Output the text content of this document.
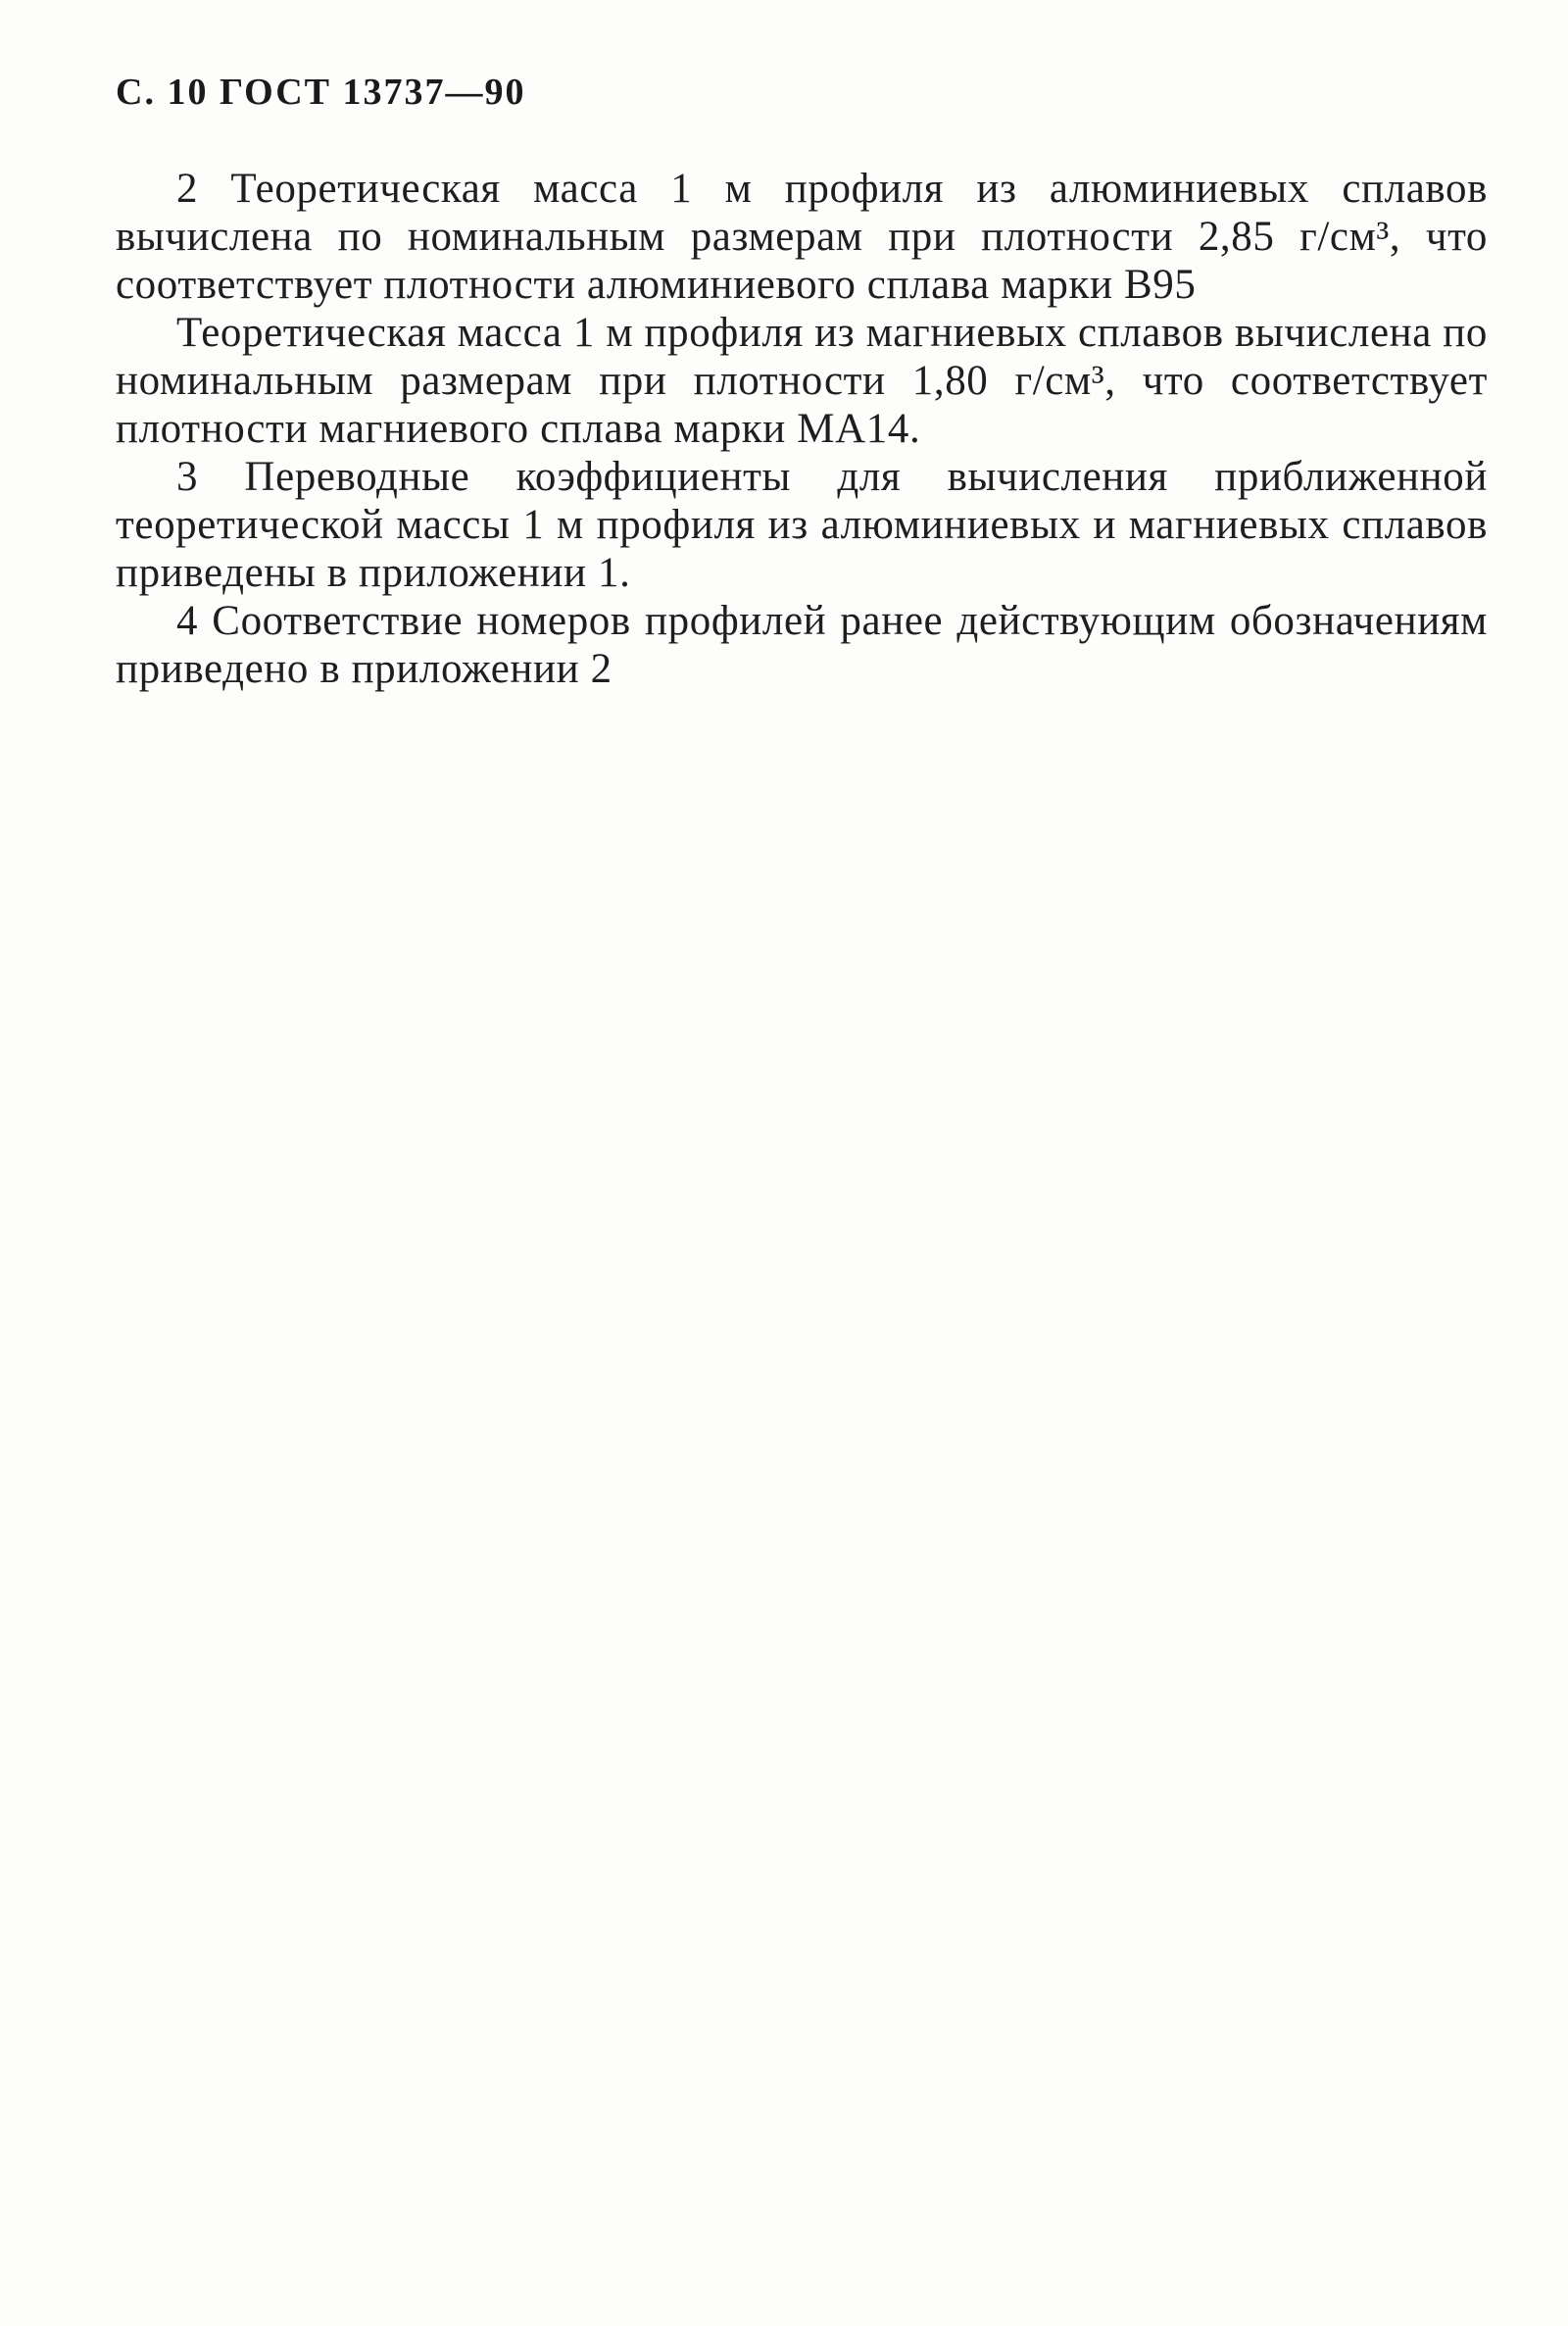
С. 10 ГОСТ 13737—90

2 Теоретическая масса 1 м профиля из алюминиевых сплавов вычислена по номинальным размерам при плотности 2,85 г/см³, что соответствует плотности алюминиевого сплава марки В95

Теоретическая масса 1 м профиля из магниевых сплавов вычислена по номинальным размерам при плотности 1,80 г/см³, что соответствует плотности магниевого сплава марки МА14.

3 Переводные коэффициенты для вычисления приближенной теоретической массы 1 м профиля из алюминиевых и магниевых сплавов приведены в приложении 1.

4 Соответствие номеров профилей ранее действующим обозначениям приведено в приложении 2
